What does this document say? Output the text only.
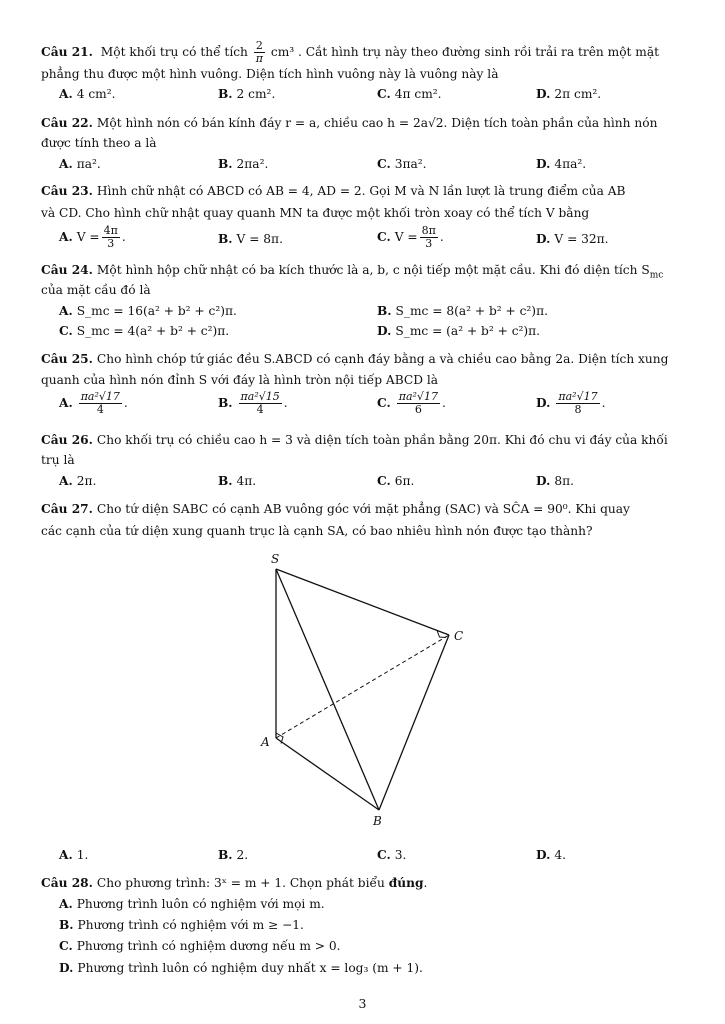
Câu 21. Một khối trụ có thể tích $\frac{2}{\pi} cm^3$ . Cắt hình trụ này theo đường sinh rồi trải ra trên một mặt
phẳng thu được một hình vuông. Diện tích hình vuông này là vuông này là
A. 4 cm².	B. 2 cm².	C. 4π cm².	D. 2π cm².
Câu 22. Một hình nón có bán kính đáy r = a, chiều cao h = 2a√2. Diện tích toàn phần của hình nón
được tính theo a là
A. πa².	B. 2πa².	C. 3πa².	D. 4πa².
Câu 23. Hình chữ nhật có ABCD có AB = 4, AD = 2. Gọi M và N lần lượt là trung điểm của AB
và CD. Cho hình chữ nhật quay quanh MN ta được một khối tròn xoay có thể tích V bằng
A. $V = \frac{4\pi}{3}$ .	B. V = 8π.	C. $V = \frac{8\pi}{3}$ .	D. V = 32π.
Câu 24. Một hình hộp chữ nhật có ba kích thước là a, b, c nội tiếp một mặt cầu. Khi đó diện tích $S_{mc}$
của mặt cầu đó là
A. S_mc = 16(a² + b² + c²)π.	B. S_mc = 8(a² + b² + c²)π.
C. S_mc = 4(a² + b² + c²)π.	D. S_mc = (a² + b² + c²)π.
Câu 25. Cho hình chóp tứ giác đều S.ABCD có cạnh đáy bằng a và chiều cao bằng 2a. Diện tích xung
quanh của hình nón đỉnh S với đáy là hình tròn nội tiếp ABCD là
A. $\frac{\text{πa²√17}}{4}$ .	B. $\frac{\text{πa²√15}}{4}$ .	C. $\frac{\text{πa²√17}}{6}$ .	D. $\frac{\text{πa²√17}}{8}$ .
Câu 26. Cho khối trụ có chiều cao h = 3 và diện tích toàn phần bằng 20π. Khi đó chu vi đáy của khối
trụ là
A. 2π.	B. 4π.	C. 6π.	D. 8π.
Câu 27. Cho tứ diện SABC có cạnh AB vuông góc với mặt phẳng (SAC) và SĈA = 90⁰. Khi quay
các cạnh của tứ diện xung quanh trục là cạnh SA, có bao nhiêu hình nón được tạo thành?
S
C
A
B
A. 1.	B. 2.	C. 3.	D. 4.
Câu 28. Cho phương trình: 3ˣ = m + 1. Chọn phát biểu đúng.
A. Phương trình luôn có nghiệm với mọi m.
B. Phương trình có nghiệm với m ≥ −1.
C. Phương trình có nghiệm dương nếu m > 0.
D. Phương trình luôn có nghiệm duy nhất x = log₃ (m + 1).
3
